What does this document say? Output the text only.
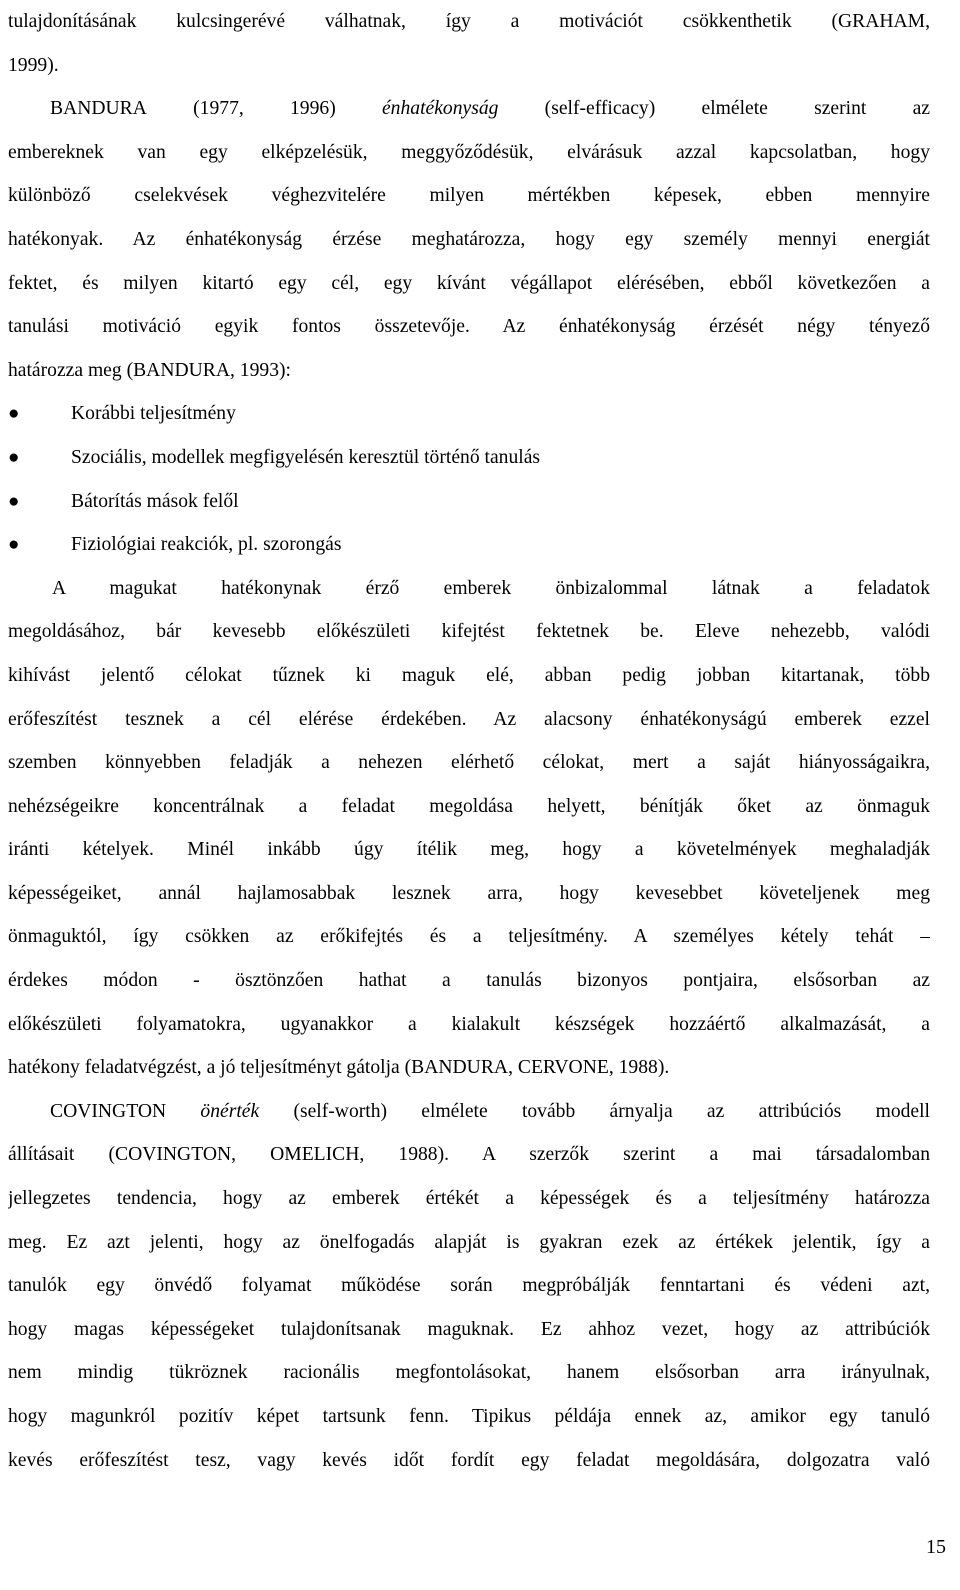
tulajdonításának kulcsingerévé válhatnak, így a motivációt csökkenthetik (GRAHAM,
1999).
BANDURA (1977, 1996) énhatékonyság (self-efficacy) elmélete szerint az
embereknek van egy elképzelésük, meggyőződésük, elvárásuk azzal kapcsolatban, hogy
különböző cselekvések véghezvitelére milyen mértékben képesek, ebben mennyire
hatékonyak. Az énhatékonyság érzése meghatározza, hogy egy személy mennyi energiát
fektet, és milyen kitartó egy cél, egy kívánt végállapot elérésében, ebből következően a
tanulási motiváció egyik fontos összetevője. Az énhatékonyság érzését négy tényező
határozza meg (BANDURA, 1993):
●	Korábbi teljesítmény
●	Szociális, modellek megfigyelésén keresztül történő tanulás
●	Bátorítás mások felől
●	Fiziológiai reakciók, pl. szorongás
A magukat hatékonynak érző emberek önbizalommal látnak a feladatok
megoldásához, bár kevesebb előkészületi kifejtést fektetnek be. Eleve nehezebb, valódi
kihívást jelentő célokat tűznek ki maguk elé, abban pedig jobban kitartanak, több
erőfeszítést tesznek a cél elérése érdekében. Az alacsony énhatékonyságú emberek ezzel
szemben könnyebben feladják a nehezen elérhető célokat, mert a saját hiányosságaikra,
nehézségeikre koncentrálnak a feladat megoldása helyett, bénítják őket az önmaguk
iránti kételyek. Minél inkább úgy ítélik meg, hogy a követelmények meghaladják
képességeiket, annál hajlamosabbak lesznek arra, hogy kevesebbet követeljenek meg
önmaguktól, így csökken az erőkifejtés és a teljesítmény. A személyes kétely tehát –
érdekes módon - ösztönzően hathat a tanulás bizonyos pontjaira, elsősorban az
előkészületi folyamatokra, ugyanakkor a kialakult készségek hozzáértő alkalmazását, a
hatékony feladatvégzést, a jó teljesítményt gátolja (BANDURA, CERVONE, 1988).
COVINGTON önérték (self-worth) elmélete tovább árnyalja az attribúciós modell
állításait (COVINGTON, OMELICH, 1988). A szerzők szerint a mai társadalomban
jellegzetes tendencia, hogy az emberek értékét a képességek és a teljesítmény határozza
meg. Ez azt jelenti, hogy az önelfogadás alapját is gyakran ezek az értékek jelentik, így a
tanulók egy önvédő folyamat működése során megpróbálják fenntartani és védeni azt,
hogy magas képességeket tulajdonítsanak maguknak. Ez ahhoz vezet, hogy az attribúciók
nem mindig tükröznek racionális megfontolásokat, hanem elsősorban arra irányulnak,
hogy magunkról pozitív képet tartsunk fenn. Tipikus példája ennek az, amikor egy tanuló
kevés erőfeszítést tesz, vagy kevés időt fordít egy feladat megoldására, dolgozatra való
15
